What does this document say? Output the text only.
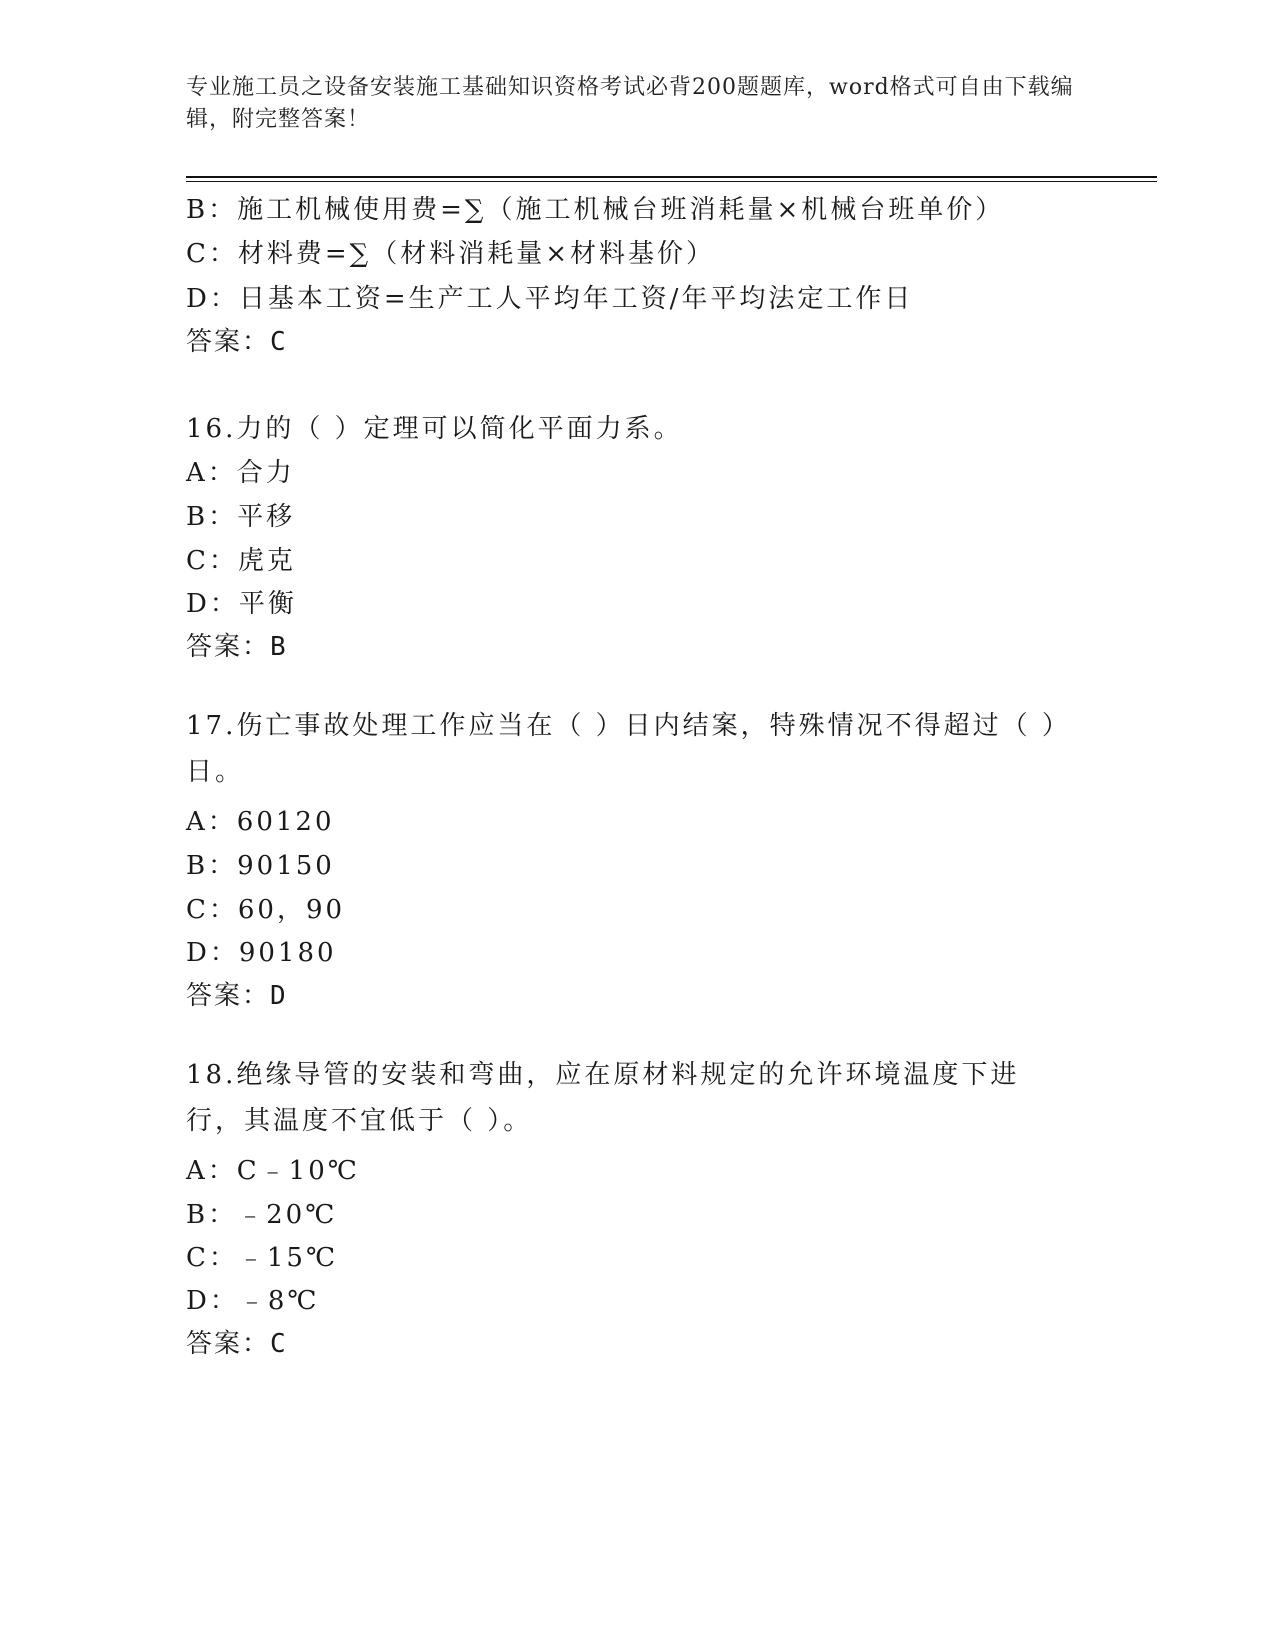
专业施工员之设备安装施工基础知识资格考试必背200题题库，word格式可自由下载编辑，附完整答案！
B：施工机械使用费=∑（施工机械台班消耗量×机械台班单价）
C：材料费=∑（材料消耗量×材料基价）
D：日基本工资=生产工人平均年工资/年平均法定工作日
答案：C
16.力的（ ）定理可以简化平面力系。
A：合力
B：平移
C：虎克
D：平衡
答案：B
17.伤亡事故处理工作应当在（ ）日内结案，特殊情况不得超过（ ）日。
A：60120
B：90150
C：60，90
D：90180
答案：D
18.绝缘导管的安装和弯曲，应在原材料规定的允许环境温度下进行，其温度不宜低于（ ）。
A：C﹣10℃
B：﹣20℃
C：﹣15℃
D：﹣8℃
答案：C
